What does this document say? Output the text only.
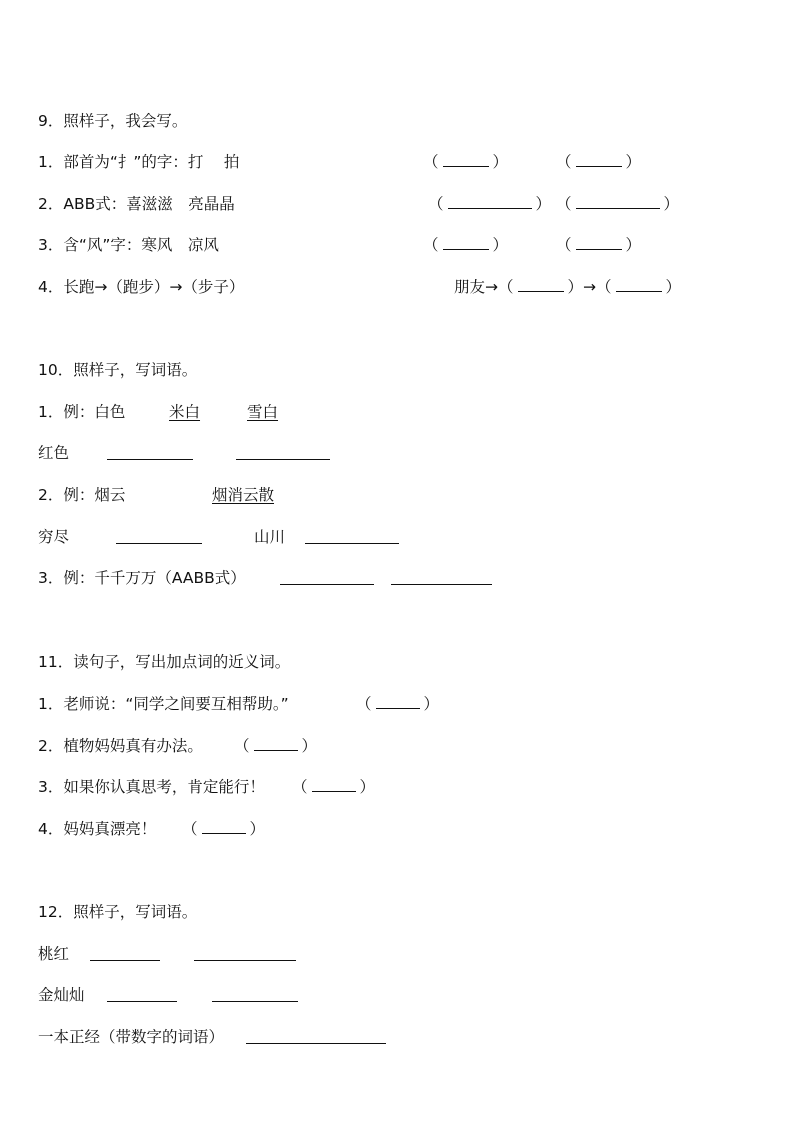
9．照样子，我会写。
1．部首为“扌”的字：打　 拍	（	）	（	）
2．ABB式：喜滋滋　亮晶晶	（	） （	）
3．含“风”字：寒风　凉风	（	）	（	）
4．长跑→（跑步）→（步子）	朋友→（	）→（	）
10．照样子，写词语。
1．例：白色	米白	雪白
红色
2．例：烟云	烟消云散
穷尽	山川
3．例：千千万万（AABB式）
11．读句子，写出加点词的近义词。
1．老师说：“同学之间要互相帮助。”	（	）
2．植物妈妈真有办法。 （	）
3．如果你认真思考，肯定能行！ （	）
4．妈妈真漂亮！ （	）
12．照样子，写词语。
桃红
金灿灿
一本正经（带数字的词语）
